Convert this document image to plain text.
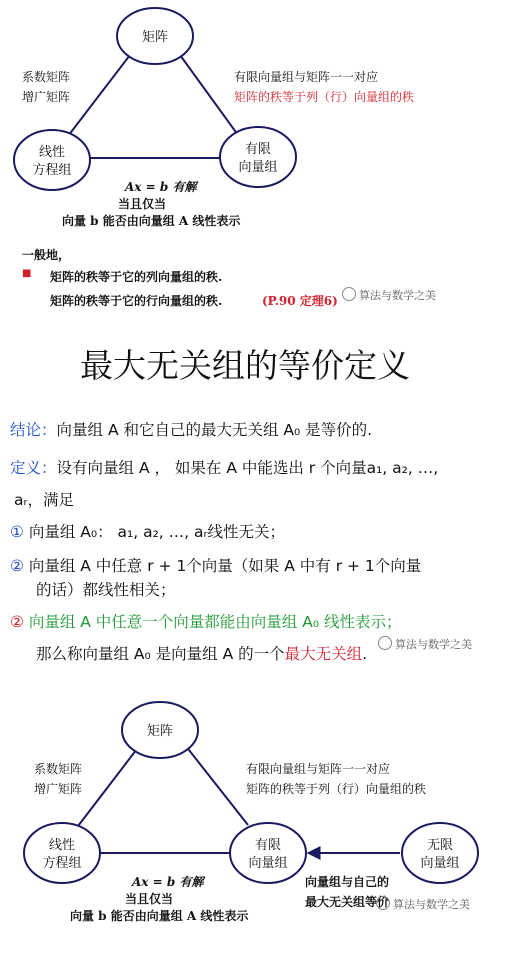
矩阵
线性
方程组
有限
向量组
系数矩阵
增广矩阵
有限向量组与矩阵一一对应
矩阵的秩等于列（行）向量组的秩
Ax = b 有解
当且仅当
向量 b 能否由向量组 A 线性表示
一般地，
■ 矩阵的秩等于它的列向量组的秩.
矩阵的秩等于它的行向量组的秩.	(P.90 定理6)	算法与数学之美
最大无关组的等价定义
结论：向量组 A 和它自己的最大无关组 A₀ 是等价的.
定义：设有向量组 A ， 如果在 A 中能选出 r 个向量a₁, a₂, …,
aᵣ，满足
① 向量组 A₀： a₁, a₂, …, aᵣ线性无关；
② 向量组 A 中任意 r + 1个向量（如果 A 中有 r + 1个向量
的话）都线性相关；
② 向量组 A 中任意一个向量都能由向量组 A₀ 线性表示；
那么称向量组 A₀ 是向量组 A 的一个最大无关组.
算法与数学之美
矩阵
线性
方程组
有限
向量组
无限
向量组
系数矩阵
增广矩阵
有限向量组与矩阵一一对应
矩阵的秩等于列（行）向量组的秩
Ax = b 有解
当且仅当
向量 b 能否由向量组 A 线性表示
向量组与自己的
最大无关组等价 算法与数学之美
